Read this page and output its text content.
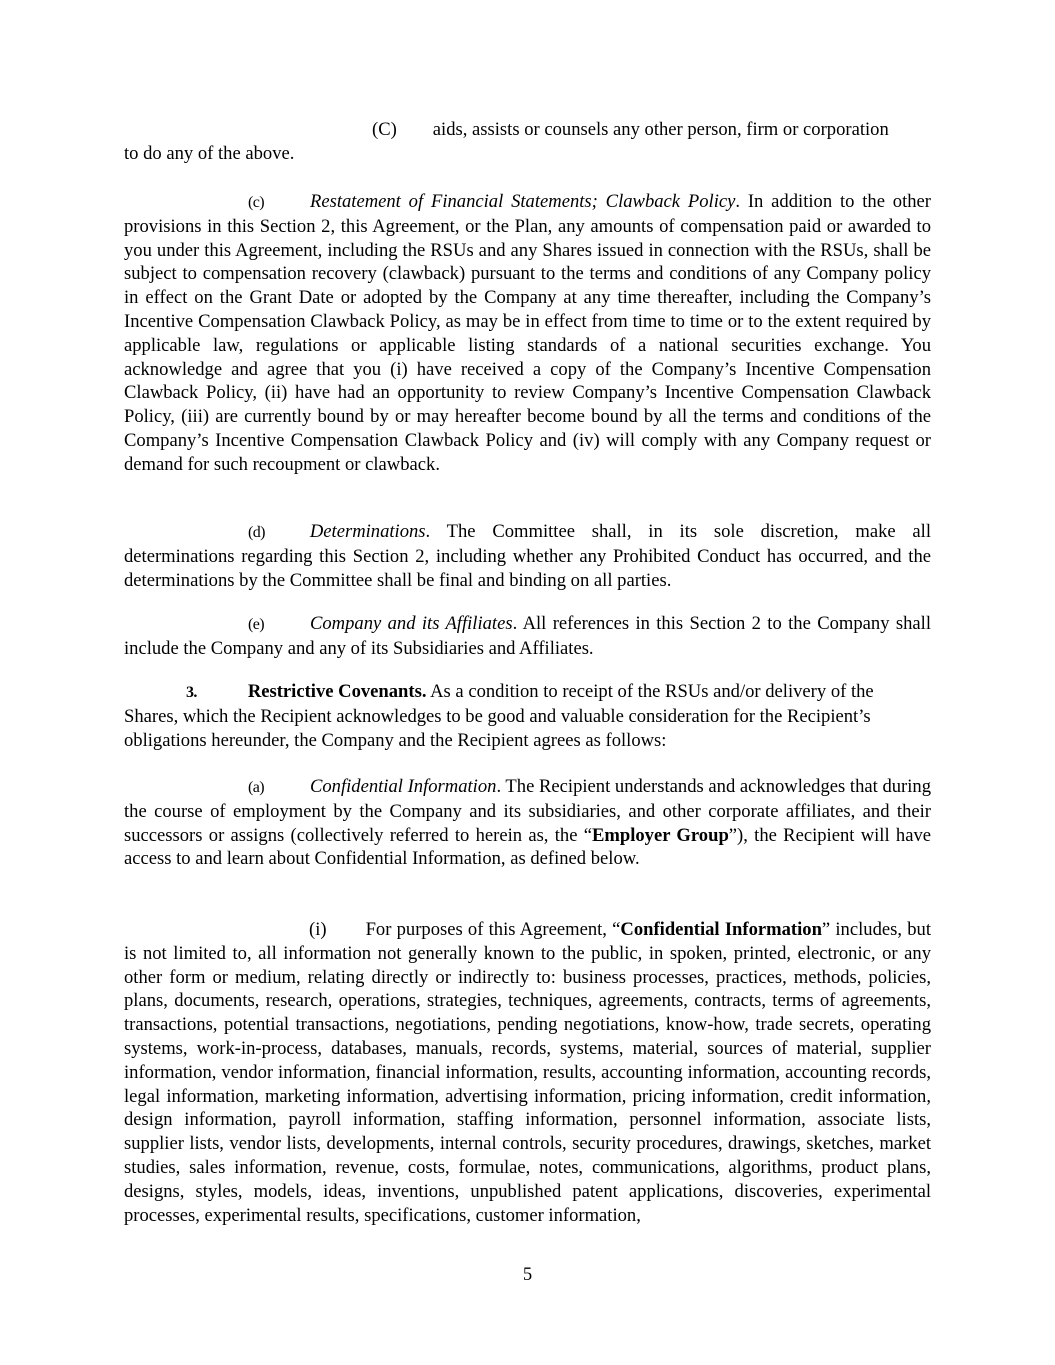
(C) aids, assists or counsels any other person, firm or corporation
to do any of the above.

(c) Restatement of Financial Statements; Clawback Policy. In addition to the other provisions in this Section 2, this Agreement, or the Plan, any amounts of compensation paid or awarded to you under this Agreement, including the RSUs and any Shares issued in connection with the RSUs, shall be subject to compensation recovery (clawback) pursuant to the terms and conditions of any Company policy in effect on the Grant Date or adopted by the Company at any time thereafter, including the Company’s Incentive Compensation Clawback Policy, as may be in effect from time to time or to the extent required by applicable law, regulations or applicable listing standards of a national securities exchange. You acknowledge and agree that you (i) have received a copy of the Company’s Incentive Compensation Clawback Policy, (ii) have had an opportunity to review Company’s Incentive Compensation Clawback Policy, (iii) are currently bound by or may hereafter become bound by all the terms and conditions of the Company’s Incentive Compensation Clawback Policy and (iv) will comply with any Company request or demand for such recoupment or clawback.

(d) Determinations. The Committee shall, in its sole discretion, make all determinations regarding this Section 2, including whether any Prohibited Conduct has occurred, and the determinations by the Committee shall be final and binding on all parties.

(e) Company and its Affiliates. All references in this Section 2 to the Company shall include the Company and any of its Subsidiaries and Affiliates.

3.	Restrictive Covenants. As a condition to receipt of the RSUs and/or delivery of the Shares, which the Recipient acknowledges to be good and valuable consideration for the Recipient’s obligations hereunder, the Company and the Recipient agrees as follows:

(a) Confidential Information. The Recipient understands and acknowledges that during the course of employment by the Company and its subsidiaries, and other corporate affiliates, and their successors or assigns (collectively referred to herein as, the “Employer Group”), the Recipient will have access to and learn about Confidential Information, as defined below.

(i) For purposes of this Agreement, “Confidential Information” includes, but is not limited to, all information not generally known to the public, in spoken, printed, electronic, or any other form or medium, relating directly or indirectly to: business processes, practices, methods, policies, plans, documents, research, operations, strategies, techniques, agreements, contracts, terms of agreements, transactions, potential transactions, negotiations, pending negotiations, know-how, trade secrets, operating systems, work-in-process, databases, manuals, records, systems, material, sources of material, supplier information, vendor information, financial information, results, accounting information, accounting records, legal information, marketing information, advertising information, pricing information, credit information, design information, payroll information, staffing information, personnel information, associate lists, supplier lists, vendor lists, developments, internal controls, security procedures, drawings, sketches, market studies, sales information, revenue, costs, formulae, notes, communications, algorithms, product plans, designs, styles, models, ideas, inventions, unpublished patent applications, discoveries, experimental processes, experimental results, specifications, customer information,

5
